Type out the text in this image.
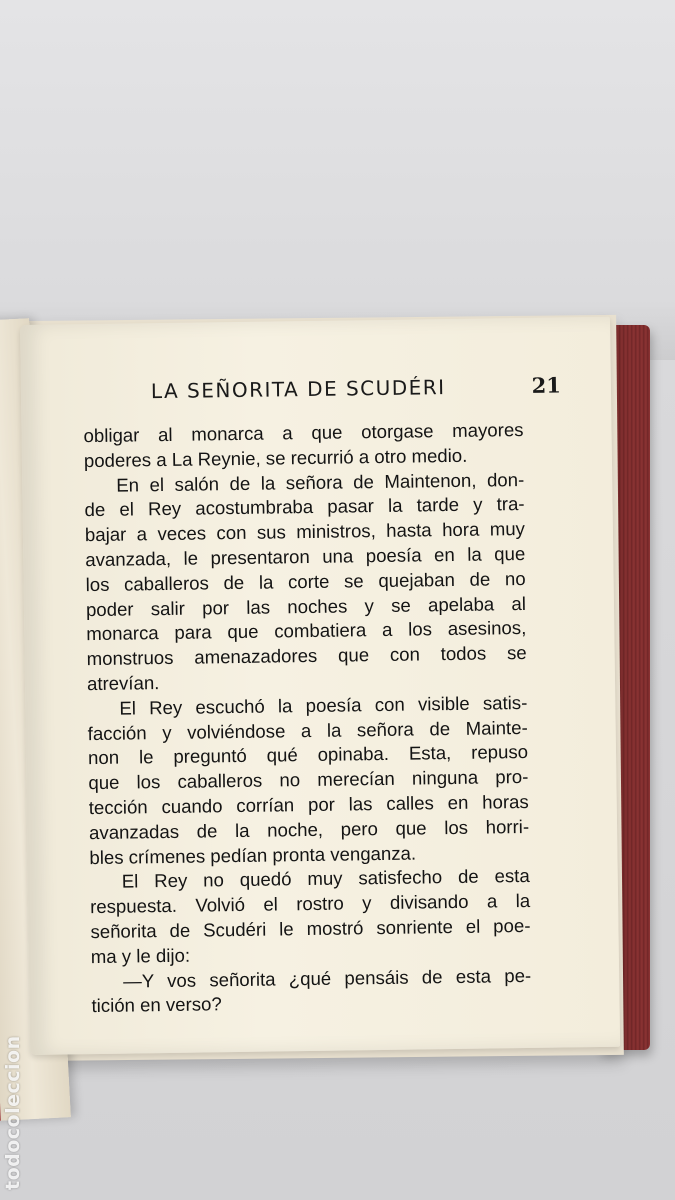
LA SEÑORITA DE SCUDÉRI	21
obligar al monarca a que otorgase mayores
poderes a La Reynie, se recurrió a otro medio.
En el salón de la señora de Maintenon, don-
de el Rey acostumbraba pasar la tarde y tra-
bajar a veces con sus ministros, hasta hora muy
avanzada, le presentaron una poesía en la que
los caballeros de la corte se quejaban de no
poder salir por las noches y se apelaba al
monarca para que combatiera a los asesinos,
monstruos amenazadores que con todos se
atrevían.
El Rey escuchó la poesía con visible satis-
facción y volviéndose a la señora de Mainte-
non le preguntó qué opinaba. Esta, repuso
que los caballeros no merecían ninguna pro-
tección cuando corrían por las calles en horas
avanzadas de la noche, pero que los horri-
bles crímenes pedían pronta venganza.
El Rey no quedó muy satisfecho de esta
respuesta. Volvió el rostro y divisando a la
señorita de Scudéri le mostró sonriente el poe-
ma y le dijo:
—Y vos señorita ¿qué pensáis de esta pe-
tición en verso?
todocoleccion
